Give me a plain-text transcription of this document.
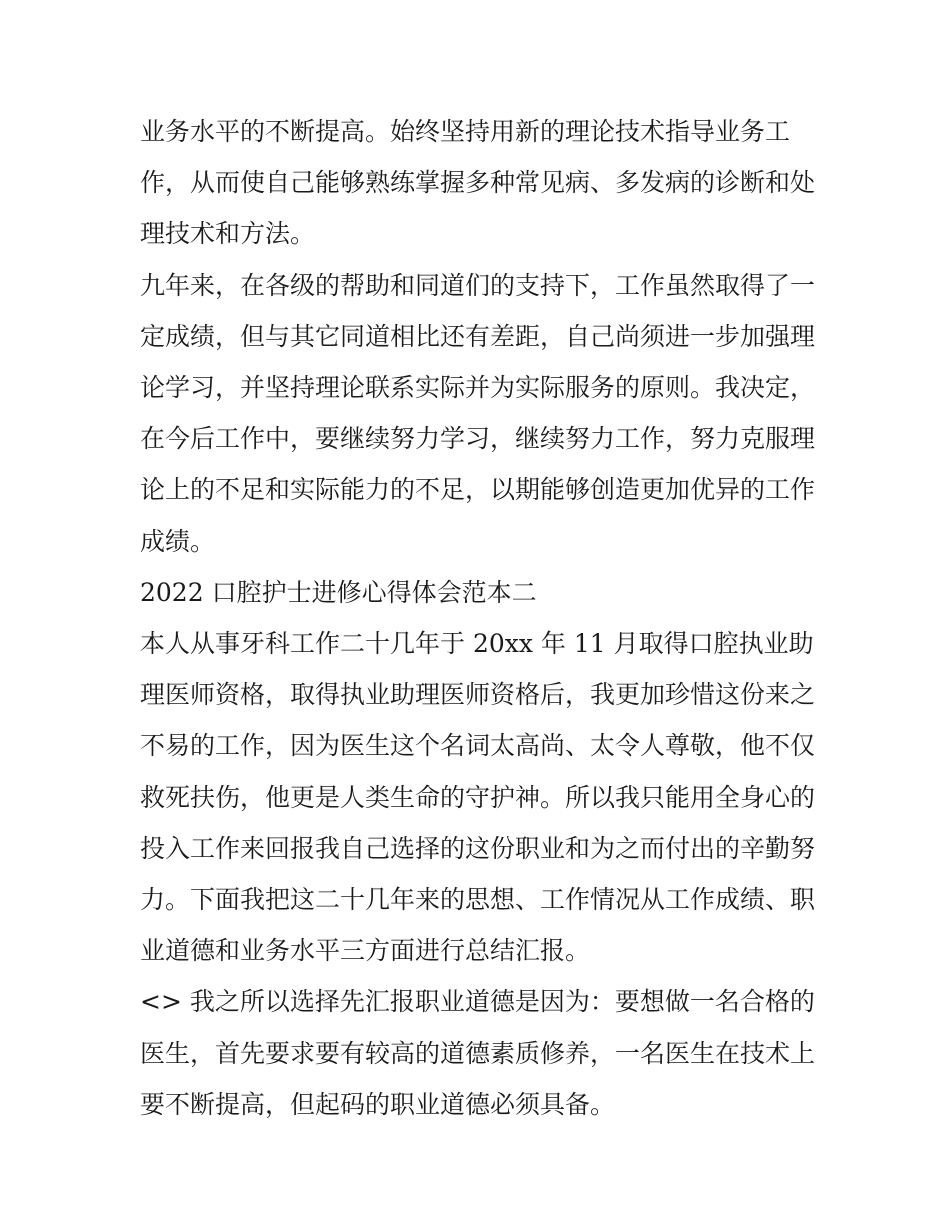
业务水平的不断提高。始终坚持用新的理论技术指导业务工作，从而使自己能够熟练掌握多种常见病、多发病的诊断和处理技术和方法。

九年来，在各级的帮助和同道们的支持下，工作虽然取得了一定成绩，但与其它同道相比还有差距，自己尚须进一步加强理论学习，并坚持理论联系实际并为实际服务的原则。我决定，在今后工作中，要继续努力学习，继续努力工作，努力克服理论上的不足和实际能力的不足，以期能够创造更加优异的工作成绩。

2022 口腔护士进修心得体会范本二

本人从事牙科工作二十几年于 20xx 年 11 月取得口腔执业助理医师资格，取得执业助理医师资格后，我更加珍惜这份来之不易的工作，因为医生这个名词太高尚、太令人尊敬，他不仅救死扶伤，他更是人类生命的守护神。所以我只能用全身心的投入工作来回报我自己选择的这份职业和为之而付出的辛勤努力。下面我把这二十几年来的思想、工作情况从工作成绩、职业道德和业务水平三方面进行总结汇报。

<> 我之所以选择先汇报职业道德是因为：要想做一名合格的医生，首先要求要有较高的道德素质修养，一名医生在技术上要不断提高，但起码的职业道德必须具备。
